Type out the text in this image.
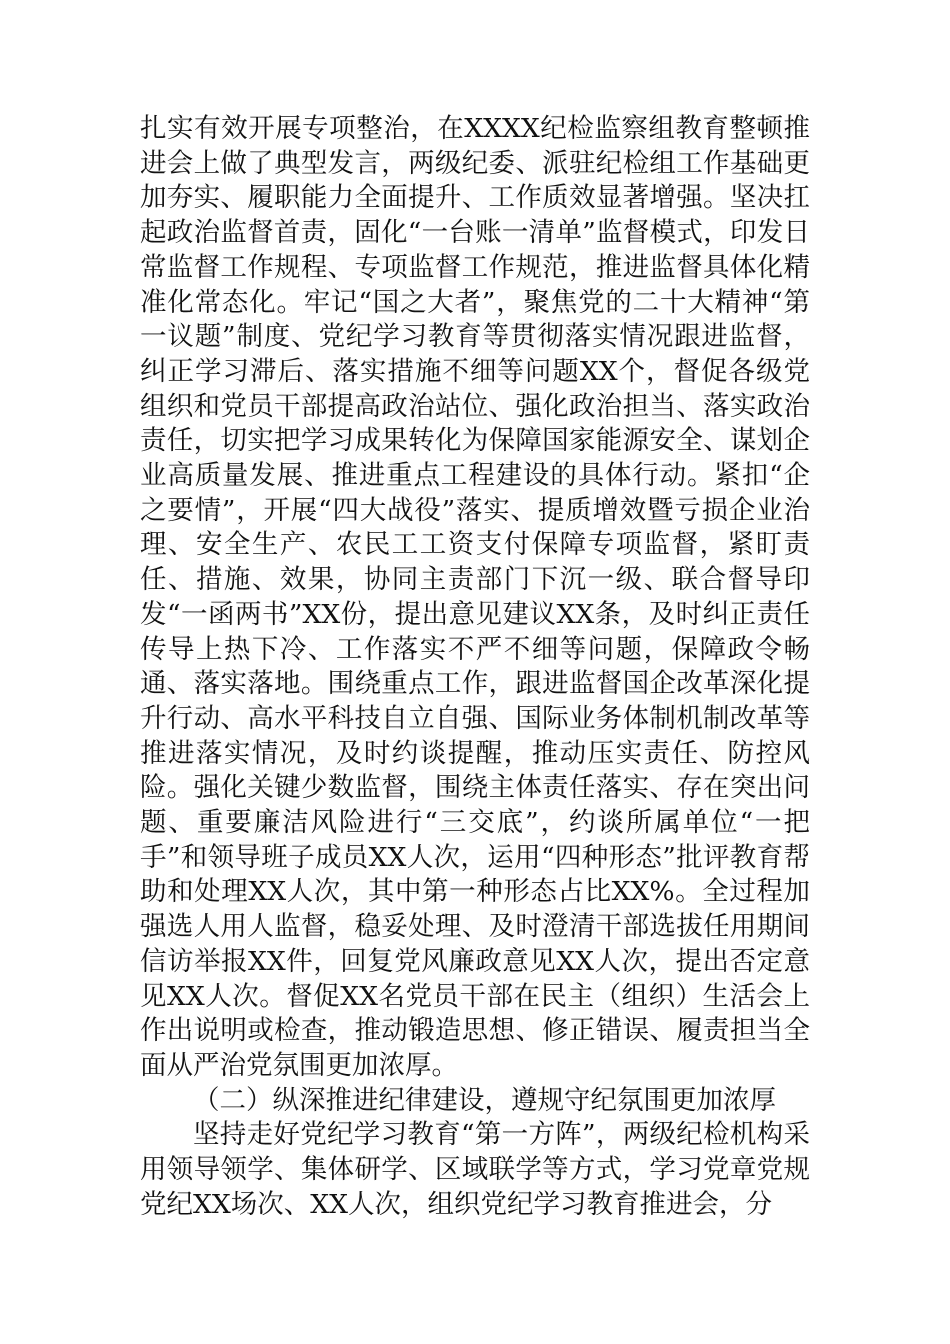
扎实有效开展专项整治，在XXXX纪检监察组教育整顿推进会上做了典型发言，两级纪委、派驻纪检组工作基础更加夯实、履职能力全面提升、工作质效显著增强。坚决扛起政治监督首责，固化“一台账一清单”监督模式，印发日常监督工作规程、专项监督工作规范，推进监督具体化精准化常态化。牢记“国之大者”，聚焦党的二十大精神“第一议题”制度、党纪学习教育等贯彻落实情况跟进监督，纠正学习滞后、落实措施不细等问题XX个，督促各级党组织和党员干部提高政治站位、强化政治担当、落实政治责任，切实把学习成果转化为保障国家能源安全、谋划企业高质量发展、推进重点工程建设的具体行动。紧扣“企之要情”，开展“四大战役”落实、提质增效暨亏损企业治理、安全生产、农民工工资支付保障专项监督，紧盯责任、措施、效果，协同主责部门下沉一级、联合督导印发“一函两书”XX份，提出意见建议XX条，及时纠正责任传导上热下冷、工作落实不严不细等问题，保障政令畅通、落实落地。围绕重点工作，跟进监督国企改革深化提升行动、高水平科技自立自强、国际业务体制机制改革等推进落实情况，及时约谈提醒，推动压实责任、防控风险。强化关键少数监督，围绕主体责任落实、存在突出问题、重要廉洁风险进行“三交底”，约谈所属单位“一把手”和领导班子成员XX人次，运用“四种形态”批评教育帮助和处理XX人次，其中第一种形态占比XX%。全过程加强选人用人监督，稳妥处理、及时澄清干部选拔任用期间信访举报XX件，回复党风廉政意见XX人次，提出否定意见XX人次。督促XX名党员干部在民主（组织）生活会上作出说明或检查，推动锻造思想、修正错误、履责担当全面从严治党氛围更加浓厚。

（二）纵深推进纪律建设，遵规守纪氛围更加浓厚

坚持走好党纪学习教育“第一方阵”，两级纪检机构采用领导领学、集体研学、区域联学等方式，学习党章党规党纪XX场次、XX人次，组织党纪学习教育推进会，分
